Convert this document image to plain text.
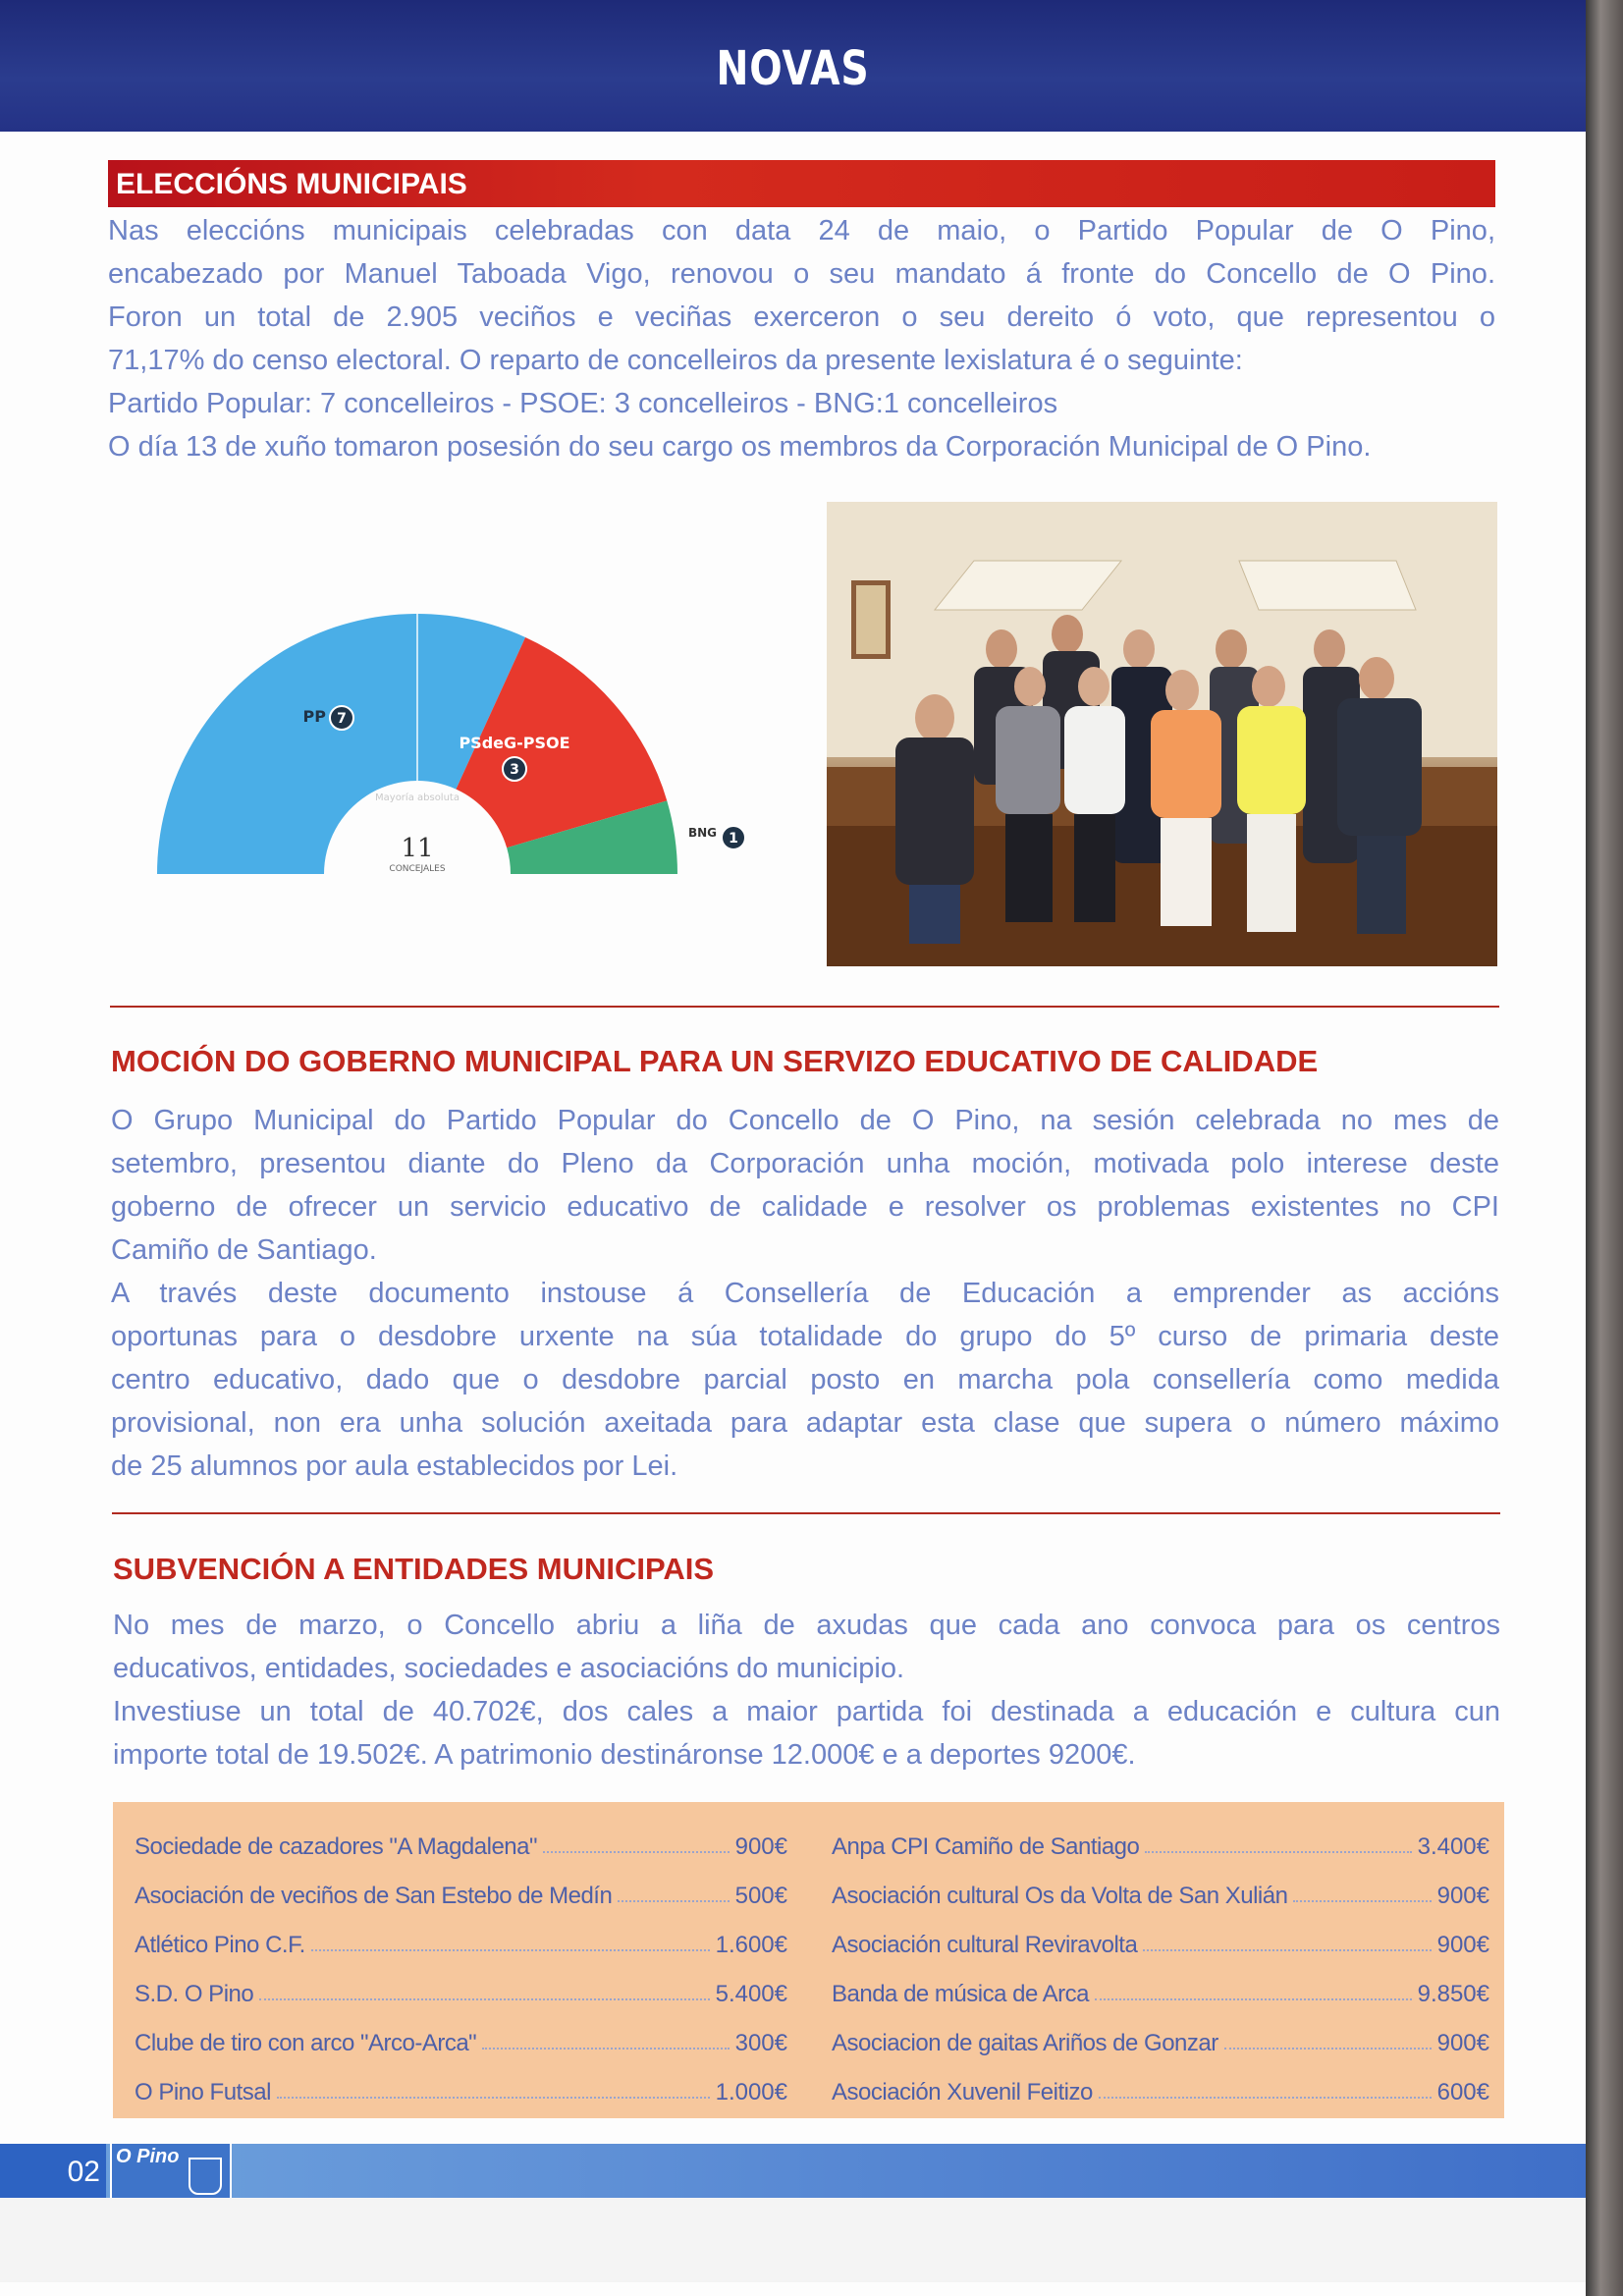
NOVAS
ELECCIÓNS MUNICIPAIS

Nas eleccións municipais celebradas con data 24 de maio, o Partido Popular de O Pino,

encabezado por Manuel Taboada Vigo, renovou o seu mandato á fronte do Concello de O Pino.

Foron un total de 2.905 veciños e veciñas exerceron o seu dereito ó voto, que representou o

71,17% do censo electoral. O reparto de concelleiros da presente lexislatura é o seguinte:

Partido Popular: 7 concelleiros - PSOE: 3 concelleiros - BNG:1 concelleiros

O día 13 de xuño tomaron posesión do seu cargo os membros da Corporación Municipal de O Pino.

PP 7
PSdeG-PSOE
3
BNG 1
Mayoría absoluta
11
CONCEJALES
MOCIÓN DO GOBERNO MUNICIPAL PARA UN SERVIZO EDUCATIVO DE CALIDADE

O Grupo Municipal do Partido Popular do Concello de O Pino, na sesión celebrada no mes de

setembro, presentou diante do Pleno da Corporación unha moción, motivada polo interese deste

goberno de ofrecer un servicio educativo de calidade e resolver os problemas existentes no CPI

Camiño de Santiago.

A través deste documento instouse á Consellería de Educación a emprender as accións

oportunas para o desdobre urxente na súa totalidade do grupo do 5º curso de primaria deste

centro educativo, dado que o desdobre parcial posto en marcha pola consellería como medida

provisional, non era unha solución axeitada para adaptar esta clase que supera o número máximo

de 25 alumnos por aula establecidos por Lei.

SUBVENCIÓN A ENTIDADES MUNICIPAIS

No mes de marzo, o Concello abriu a liña de axudas que cada ano convoca para os centros

educativos, entidades, sociedades e asociacións do municipio.

Investiuse un total de 40.702€, dos cales a maior partida foi destinada a educación e cultura cun

importe total de 19.502€. A patrimonio destináronse 12.000€ e a deportes 9200€.

Sociedade de cazadores "A Magdalena"	900€
Asociación de veciños de San Estebo de Medín	500€
Atlético Pino C.F.	1.600€
S.D. O Pino	5.400€
Clube de tiro con arco "Arco-Arca"	300€
O Pino Futsal	1.000€
Anpa CPI Camiño de Santiago	3.400€
Asociación cultural Os da Volta de San Xulián	900€
Asociación cultural Reviravolta	900€
Banda de música de Arca	9.850€
Asociacion de gaitas Ariños de Gonzar	900€
Asociación Xuvenil Feitizo	600€
02 O Pino
